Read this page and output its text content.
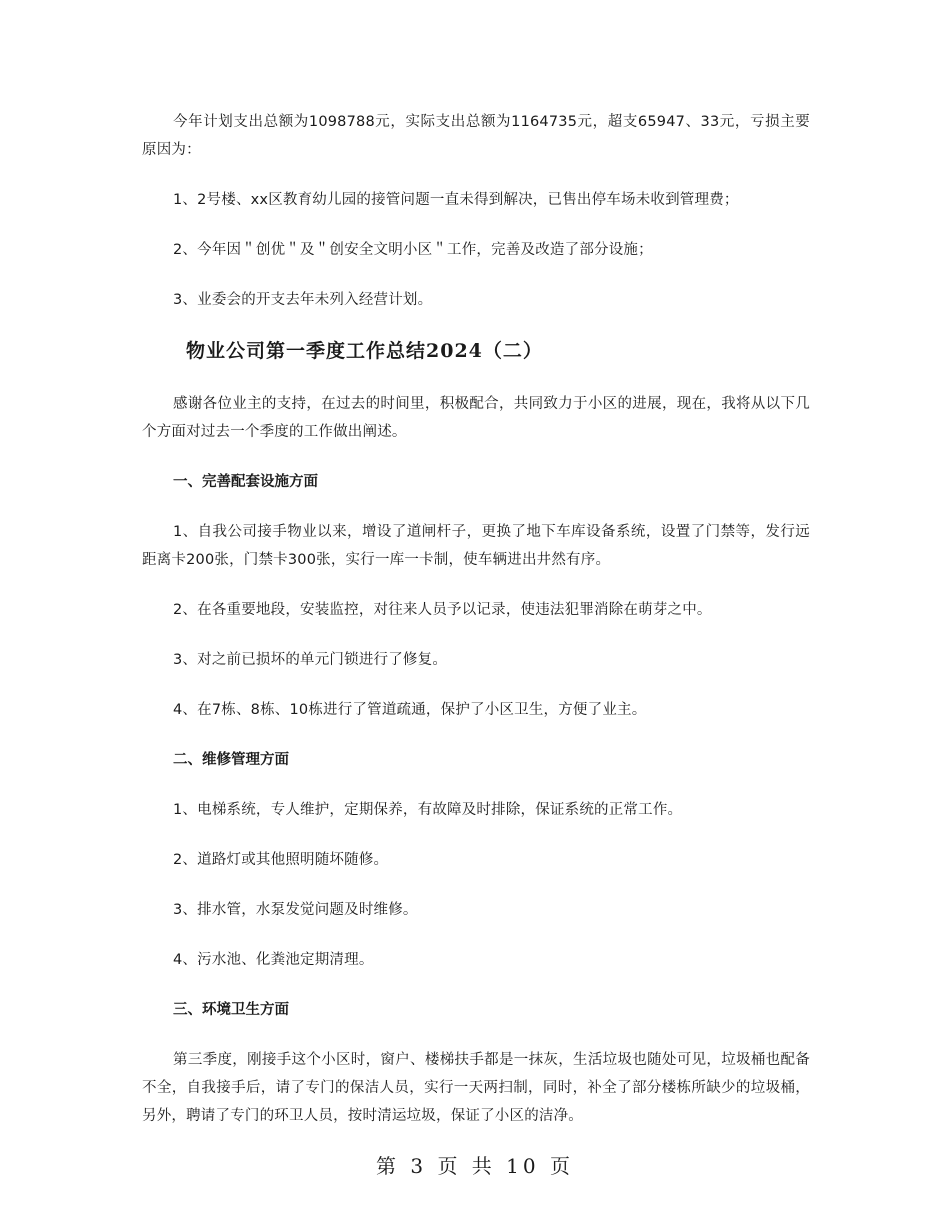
今年计划支出总额为1098788元，实际支出总额为1164735元，超支65947、33元，亏损主要原因为：

1、2号楼、xx区教育幼儿园的接管问题一直未得到解决，已售出停车场未收到管理费；

2、今年因＂创优＂及＂创安全文明小区＂工作，完善及改造了部分设施；

3、业委会的开支去年未列入经营计划。

物业公司第一季度工作总结2024（二）

感谢各位业主的支持，在过去的时间里，积极配合，共同致力于小区的进展，现在，我将从以下几个方面对过去一个季度的工作做出阐述。

一、完善配套设施方面

1、自我公司接手物业以来，增设了道闸杆子，更换了地下车库设备系统，设置了门禁等，发行远距离卡200张，门禁卡300张，实行一库一卡制，使车辆进出井然有序。

2、在各重要地段，安装监控，对往来人员予以记录，使违法犯罪消除在萌芽之中。

3、对之前已损坏的单元门锁进行了修复。

4、在7栋、8栋、10栋进行了管道疏通，保护了小区卫生，方便了业主。

二、维修管理方面

1、电梯系统，专人维护，定期保养，有故障及时排除，保证系统的正常工作。

2、道路灯或其他照明随坏随修。

3、排水管，水泵发觉问题及时维修。

4、污水池、化粪池定期清理。

三、环境卫生方面

第三季度，刚接手这个小区时，窗户、楼梯扶手都是一抹灰，生活垃圾也随处可见，垃圾桶也配备不全，自我接手后，请了专门的保洁人员，实行一天两扫制，同时，补全了部分楼栋所缺少的垃圾桶，另外，聘请了专门的环卫人员，按时清运垃圾，保证了小区的洁净。

第 3 页 共 10 页
